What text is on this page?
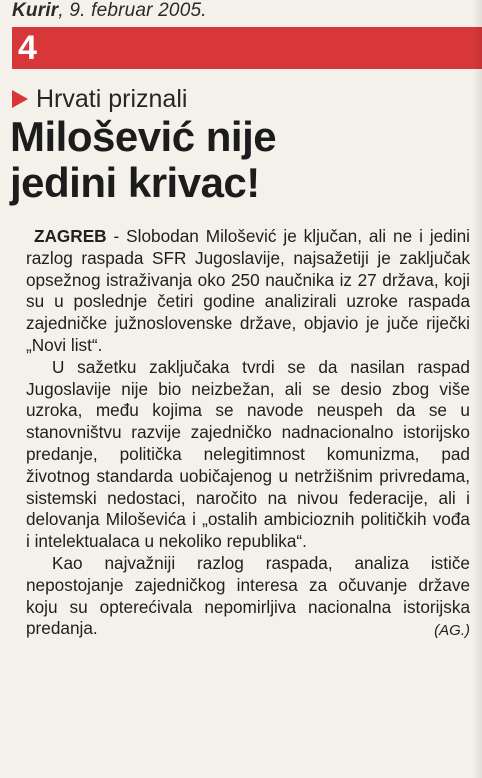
Kurir, 9. februar 2005.
4
Hrvati priznali
Milošević nije
jedini krivac!

ZAGREB - Slobodan Milošević je ključan, ali ne i jedini razlog raspada SFR Jugoslavije, najsažetiji je zaključak opsežnog istraživanja oko 250 naučnika iz 27 država, koji su u poslednje četiri godine analizirali uzroke raspada zajedničke južnoslovenske države, objavio je juče riječki „Novi list“.

U sažetku zaključaka tvrdi se da nasilan raspad Jugoslavije nije bio neizbežan, ali se desio zbog više uzroka, među kojima se navode neuspeh da se u stanovništvu razvije zajedničko nadnacionalno istorijsko predanje, politička nelegitimnost komunizma, pad životnog standarda uobičajenog u netržišnim privredama, sistemski nedostaci, naročito na nivou federacije, ali i delovanja Miloševića i „ostalih ambicioznih političkih vođa i intelektualaca u nekoliko republika“.

Kao najvažniji razlog raspada, analiza ističe nepostojanje zajedničkog interesa za očuvanje države koju su opterećivala nepomirljiva nacionalna istorijska predanja.	(AG.)
